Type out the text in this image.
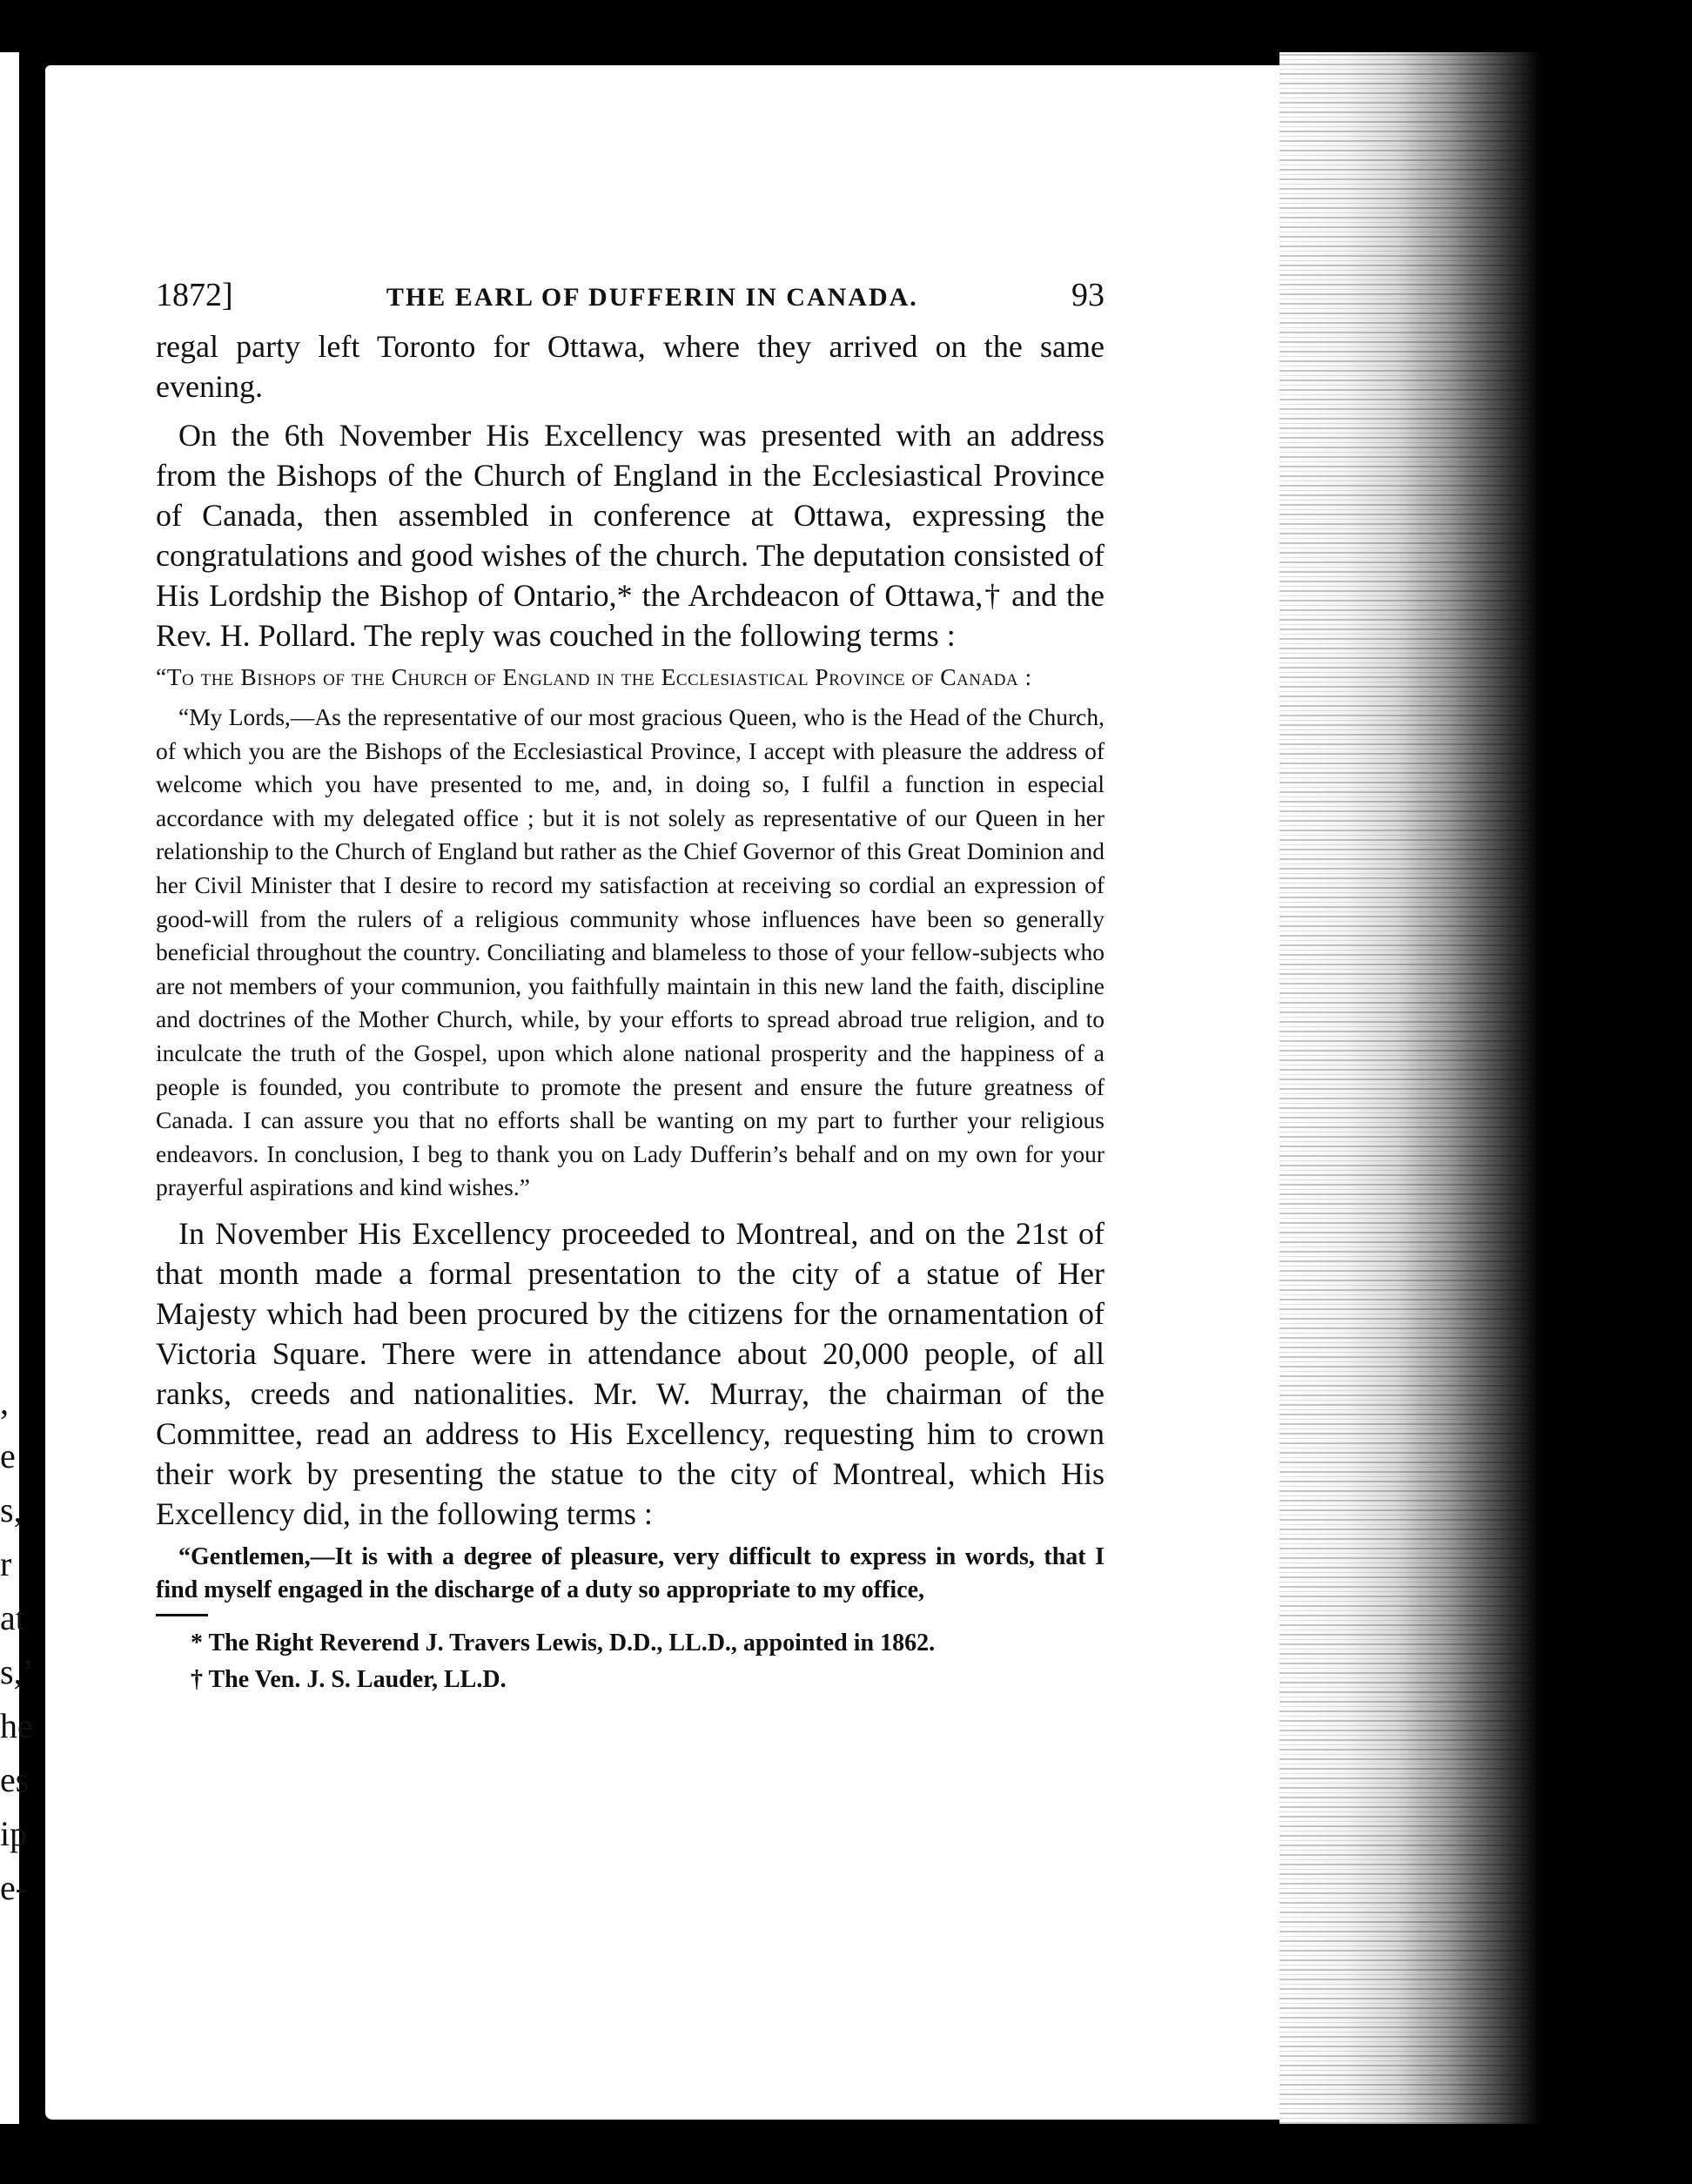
,
e
s,
r
at
s,’
he
es
ip
e-
1872]	THE EARL OF DUFFERIN IN CANADA.	93

regal party left Toronto for Ottawa, where they arrived on the same evening.

On the 6th November His Excellency was presented with an address from the Bishops of the Church of England in the Ecclesiastical Province of Canada, then assembled in conference at Ottawa, expressing the congratulations and good wishes of the church. The deputation consisted of His Lordship the Bishop of Ontario,* the Archdeacon of Ottawa,† and the Rev. H. Pollard. The reply was couched in the following terms :

“To the Bishops of the Church of England in the Ecclesiastical Province of Canada :

“My Lords,—As the representative of our most gracious Queen, who is the Head of the Church, of which you are the Bishops of the Ecclesiastical Province, I accept with pleasure the address of welcome which you have presented to me, and, in doing so, I fulfil a function in especial accordance with my delegated office ; but it is not solely as representative of our Queen in her relationship to the Church of England but rather as the Chief Governor of this Great Dominion and her Civil Minister that I desire to record my satisfaction at receiving so cordial an expression of good-will from the rulers of a religious community whose influences have been so generally beneficial throughout the country. Conciliating and blameless to those of your fellow-subjects who are not members of your communion, you faithfully maintain in this new land the faith, discipline and doctrines of the Mother Church, while, by your efforts to spread abroad true religion, and to inculcate the truth of the Gospel, upon which alone national prosperity and the happiness of a people is founded, you contribute to promote the present and ensure the future greatness of Canada. I can assure you that no efforts shall be wanting on my part to further your religious endeavors. In conclusion, I beg to thank you on Lady Dufferin’s behalf and on my own for your prayerful aspirations and kind wishes.”

In November His Excellency proceeded to Montreal, and on the 21st of that month made a formal presentation to the city of a statue of Her Majesty which had been procured by the citizens for the ornamentation of Victoria Square. There were in attendance about 20,000 people, of all ranks, creeds and nationalities. Mr. W. Murray, the chairman of the Committee, read an address to His Excellency, requesting him to crown their work by presenting the statue to the city of Montreal, which His Excellency did, in the following terms :

“Gentlemen,—It is with a degree of pleasure, very difficult to express in words, that I find myself engaged in the discharge of a duty so appropriate to my office,

* The Right Reverend J. Travers Lewis, D.D., LL.D., appointed in 1862.

† The Ven. J. S. Lauder, LL.D.
